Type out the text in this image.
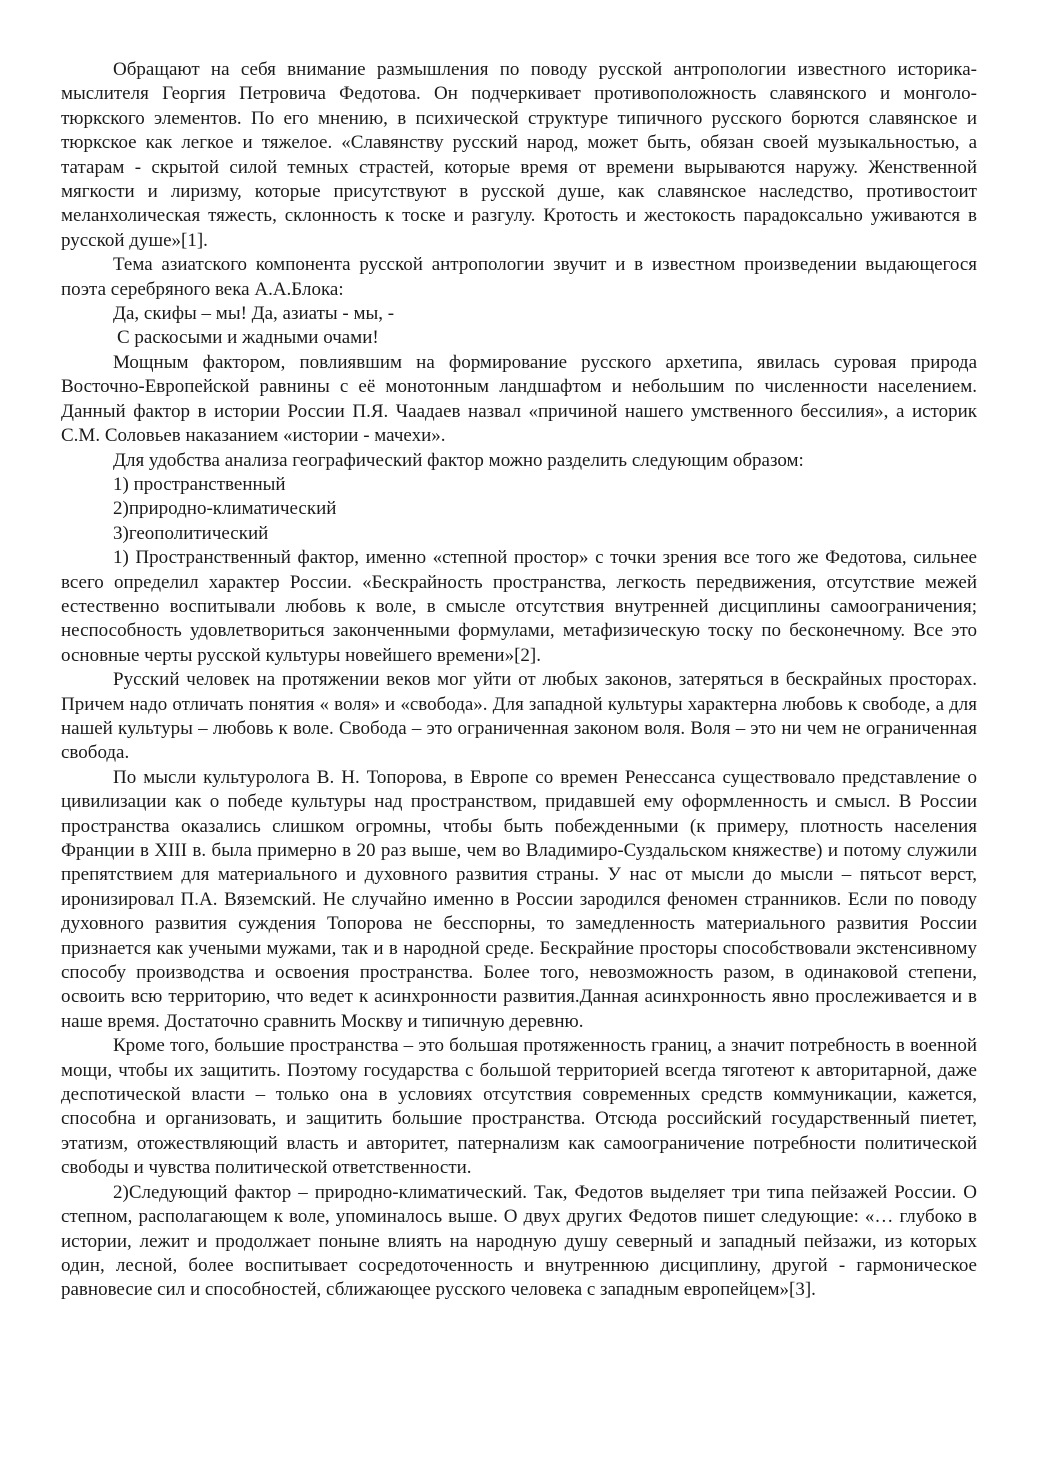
Обращают на себя внимание размышления по поводу русской антропологии известного историка-мыслителя Георгия Петровича Федотова. Он подчеркивает противоположность славянского и монголо-тюркского элементов. По его мнению, в психической структуре типичного русского борются славянское и тюркское как легкое и тяжелое. «Славянству русский народ, может быть, обязан своей музыкальностью, а татарам - скрытой силой темных страстей, которые время от времени вырываются наружу. Женственной мягкости и лиризму, которые присутствуют в русской душе, как славянское наследство, противостоит меланхолическая тяжесть, склонность к тоске и разгулу. Кротость и жестокость парадоксально уживаются в русской душе»[1].

Тема азиатского компонента русской антропологии звучит и в известном произведении выдающегося поэта серебряного века А.А.Блока:

Да, скифы – мы! Да, азиаты - мы, -

С раскосыми и жадными очами!

Мощным фактором, повлиявшим на формирование русского архетипа, явилась суровая природа Восточно-Европейской равнины с её монотонным ландшафтом и небольшим по численности населением. Данный фактор в истории России П.Я. Чаадаев назвал «причиной нашего умственного бессилия», а историк С.М. Соловьев наказанием «истории - мачехи».

Для удобства анализа географический фактор можно разделить следующим образом:

1) пространственный

2)природно-климатический

3)геополитический

1) Пространственный фактор, именно «степной простор» с точки зрения все того же Федотова, сильнее всего определил характер России. «Бескрайность пространства, легкость передвижения, отсутствие межей естественно воспитывали любовь к воле, в смысле отсутствия внутренней дисциплины самоограничения; неспособность удовлетвориться законченными формулами, метафизическую тоску по бесконечному. Все это основные черты русской культуры новейшего времени»[2].

Русский человек на протяжении веков мог уйти от любых законов, затеряться в бескрайных просторах. Причем надо отличать понятия « воля» и «свобода». Для западной культуры характерна любовь к свободе, а для нашей культуры – любовь к воле. Свобода – это ограниченная законом воля. Воля – это ни чем не ограниченная свобода.

По мысли культуролога В. Н. Топорова, в Европе со времен Ренессанса существовало представление о цивилизации как о победе культуры над пространством, придавшей ему оформленность и смысл. В России пространства оказались слишком огромны, чтобы быть побежденными (к примеру, плотность населения Франции в XIII в. была примерно в 20 раз выше, чем во Владимиро-Суздальском княжестве) и потому служили препятствием для материального и духовного развития страны. У нас от мысли до мысли – пятьсот верст, иронизировал П.А. Вяземский. Не случайно именно в России зародился феномен странников. Если по поводу духовного развития суждения Топорова не бесспорны, то замедленность материального развития России признается как учеными мужами, так и в народной среде. Бескрайние просторы способствовали экстенсивному способу производства и освоения пространства. Более того, невозможность разом, в одинаковой степени, освоить всю территорию, что ведет к асинхронности развития.Данная асинхронность явно прослеживается и в наше время. Достаточно сравнить Москву и типичную деревню.

Кроме того, большие пространства – это большая протяженность границ, а значит потребность в военной мощи, чтобы их защитить. Поэтому государства с большой территорией всегда тяготеют к авторитарной, даже деспотической власти – только она в условиях отсутствия современных средств коммуникации, кажется, способна и организовать, и защитить большие пространства. Отсюда российский государственный пиетет, этатизм, отожествляющий власть и авторитет, патернализм как самоограничение потребности политической свободы и чувства политической ответственности.

2)Следующий фактор – природно-климатический. Так, Федотов выделяет три типа пейзажей России. О степном, располагающем к воле, упоминалось выше. О двух других Федотов пишет следующие: «… глубоко в истории, лежит и продолжает поныне влиять на народную душу северный и западный пейзажи, из которых один, лесной, более воспитывает сосредоточенность и внутреннюю дисциплину, другой - гармоническое равновесие сил и способностей, сближающее русского человека с западным европейцем»[3].
